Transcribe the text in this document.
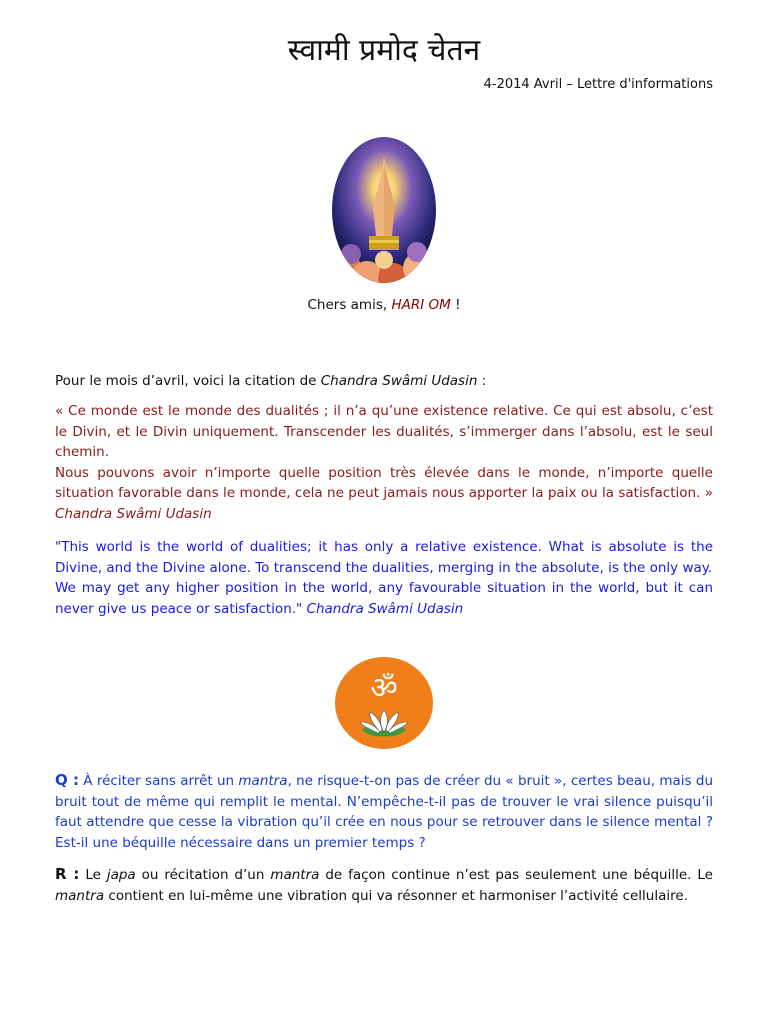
स्वामी प्रमोद चेतन
4-2014 Avril – Lettre d'informations
Chers amis, HARI OM !
Pour le mois d’avril, voici la citation de Chandra Swâmi Udasin :
« Ce monde est le monde des dualités ; il n’a qu’une existence relative. Ce qui est absolu, c’est le Divin, et le Divin uniquement. Transcender les dualités, s’immerger dans l’absolu, est le seul chemin.
Nous pouvons avoir n’importe quelle position très élevée dans le monde, n’importe quelle situation favorable dans le monde, cela ne peut jamais nous apporter la paix ou la satisfaction. » Chandra Swâmi Udasin
"This world is the world of dualities; it has only a relative existence. What is absolute is the Divine, and the Divine alone. To transcend the dualities, merging in the absolute, is the only way.
We may get any higher position in the world, any favourable situation in the world, but it can never give us peace or satisfaction." Chandra Swâmi Udasin
ॐ
Q : À réciter sans arrêt un mantra, ne risque-t-on pas de créer du « bruit », certes beau, mais du bruit tout de même qui remplit le mental. N’empêche-t-il pas de trouver le vrai silence puisqu’il faut attendre que cesse la vibration qu’il crée en nous pour se retrouver dans le silence mental ? Est-il une béquille nécessaire dans un premier temps ?
R : Le japa ou récitation d’un mantra de façon continue n’est pas seulement une béquille. Le mantra contient en lui-même une vibration qui va résonner et harmoniser l’activité cellulaire.
